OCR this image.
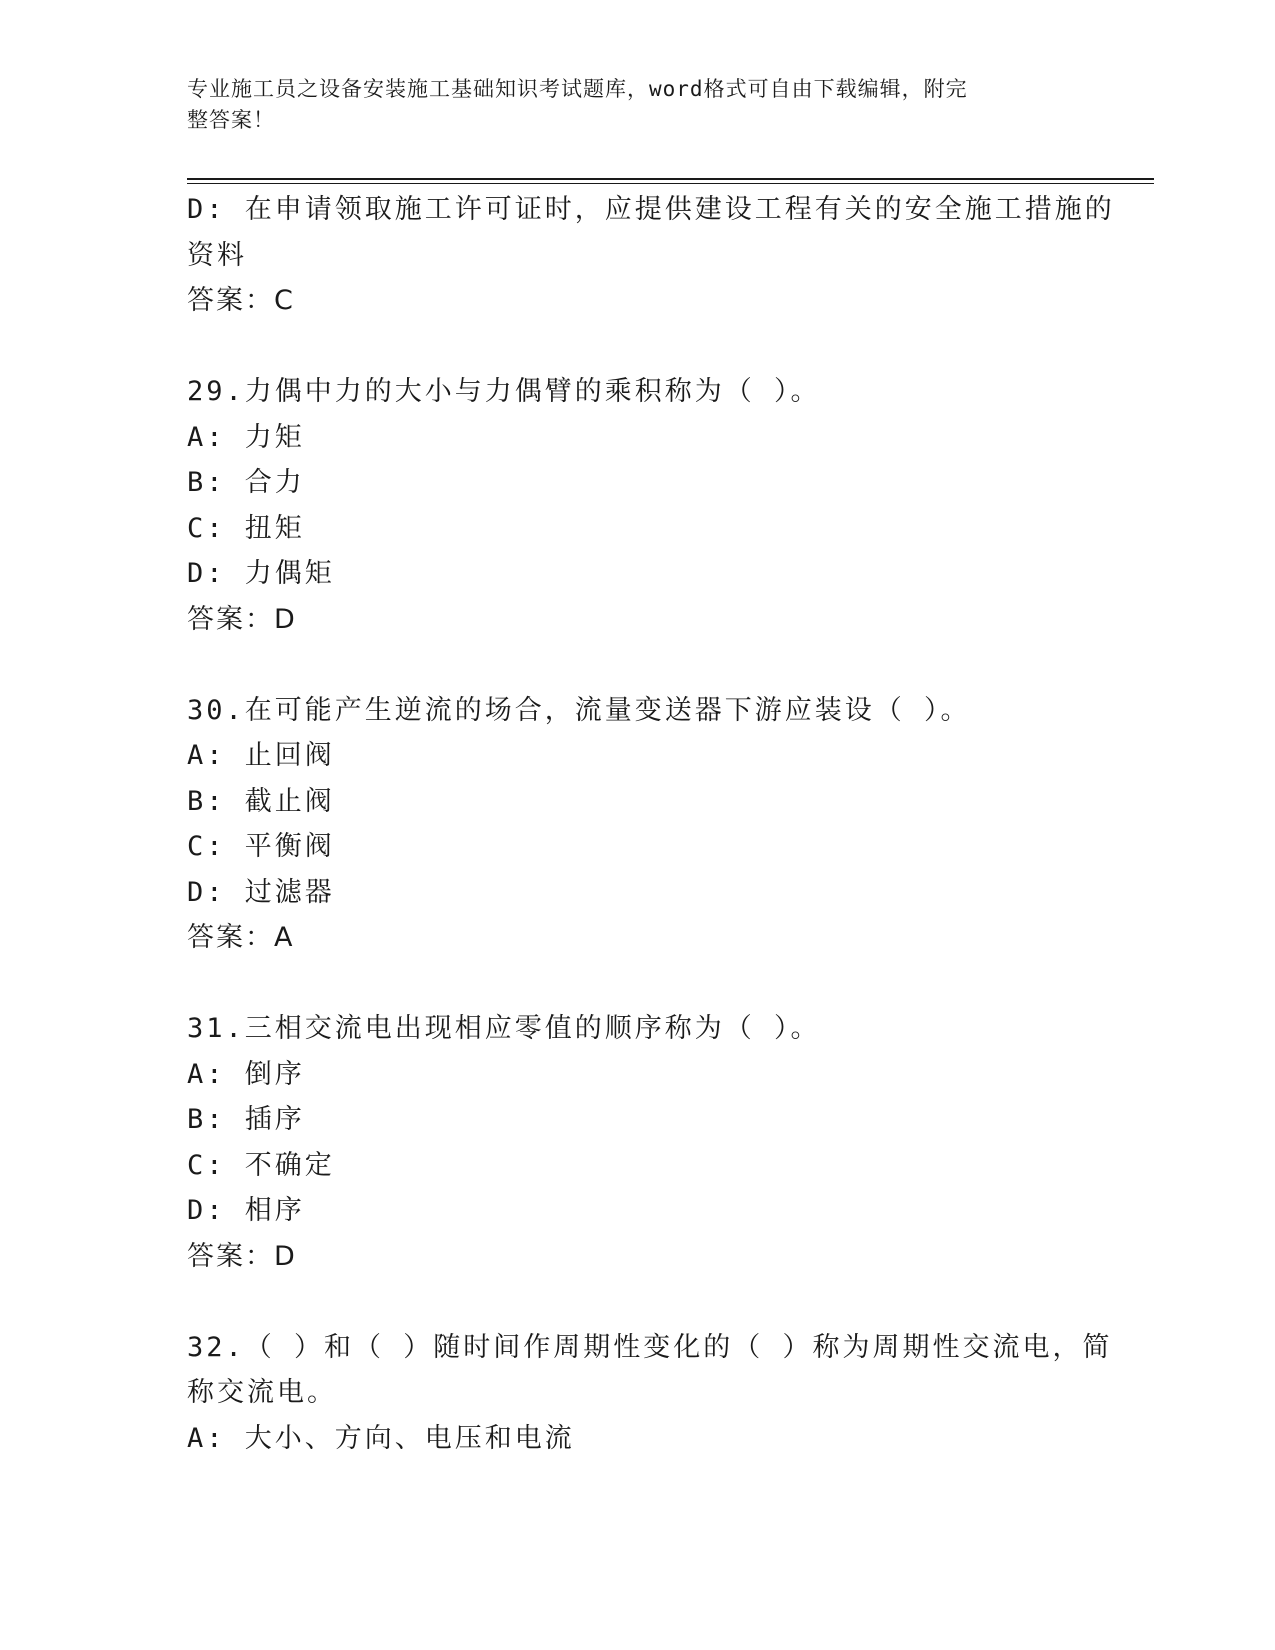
专业施工员之设备安装施工基础知识考试题库，word格式可自由下载编辑，附完
整答案！
D: 在申请领取施工许可证时，应提供建设工程有关的安全施工措施的
资料
答案：C
29.力偶中力的大小与力偶臂的乘积称为（ ）。
A: 力矩
B: 合力
C: 扭矩
D: 力偶矩
答案：D
30.在可能产生逆流的场合，流量变送器下游应装设（ ）。
A: 止回阀
B: 截止阀
C: 平衡阀
D: 过滤器
答案：A
31.三相交流电出现相应零值的顺序称为（ ）。
A: 倒序
B: 插序
C: 不确定
D: 相序
答案：D
32.（ ）和（ ）随时间作周期性变化的（ ）称为周期性交流电，简
称交流电。
A: 大小、方向、电压和电流
